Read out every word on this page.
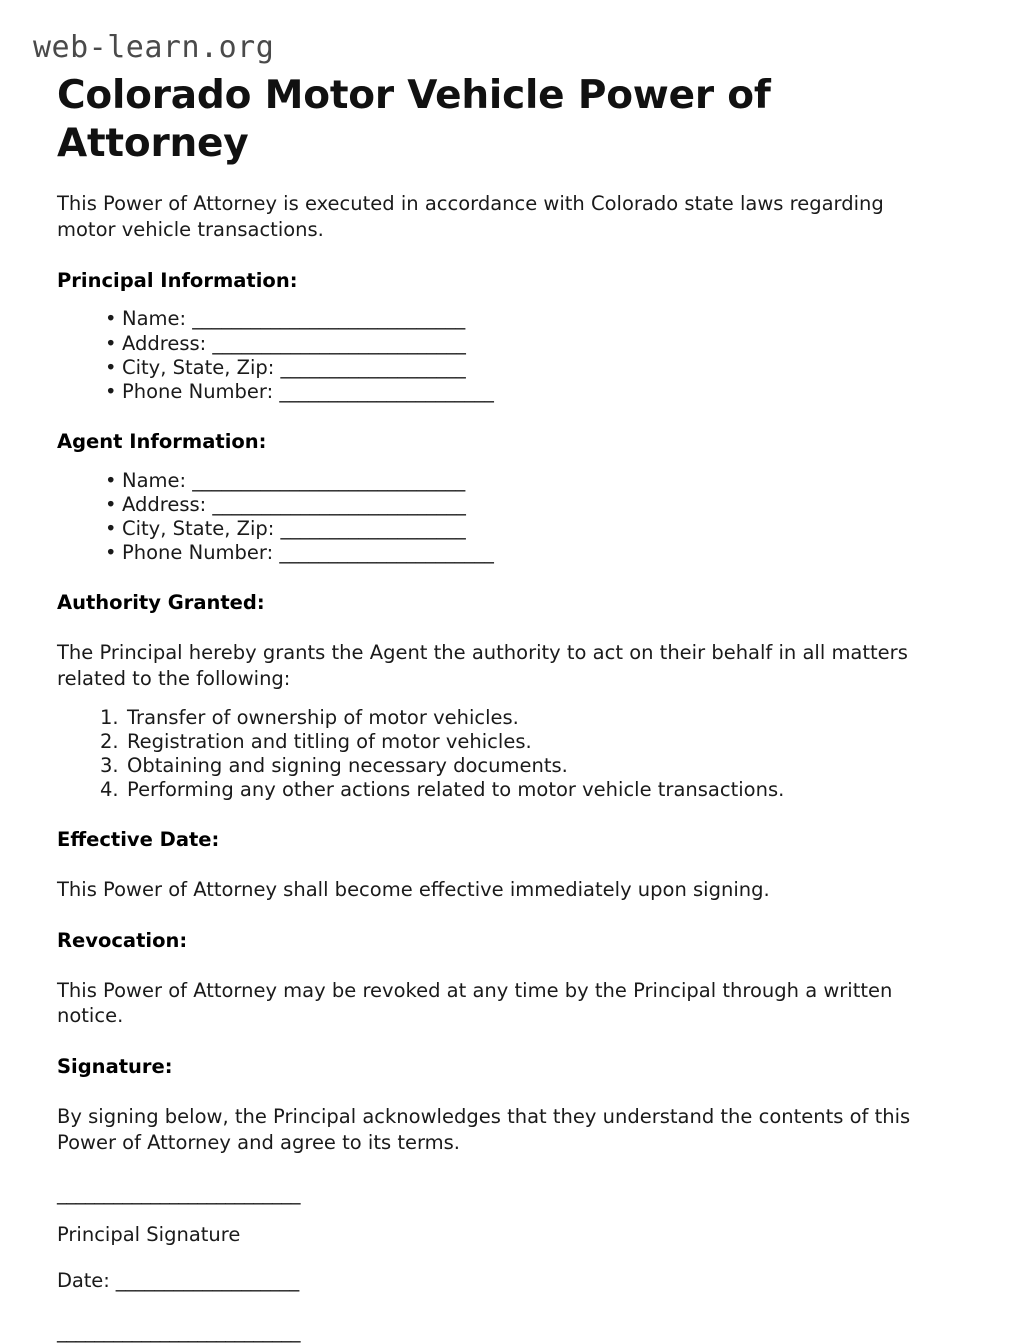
web-learn.org
Colorado Motor Vehicle Power of Attorney

This Power of Attorney is executed in accordance with Colorado state laws regarding motor vehicle transactions.

Principal Information:
• Name: ____________________________
• Address: __________________________
• City, State, Zip: ___________________
• Phone Number: ______________________
Agent Information:
• Name: ____________________________
• Address: __________________________
• City, State, Zip: ___________________
• Phone Number: ______________________
Authority Granted:

The Principal hereby grants the Agent the authority to act on their behalf in all matters related to the following:

Transfer of ownership of motor vehicles.
Registration and titling of motor vehicles.
Obtaining and signing necessary documents.
Performing any other actions related to motor vehicle transactions.
Effective Date:

This Power of Attorney shall become effective immediately upon signing.

Revocation:

This Power of Attorney may be revoked at any time by the Principal through a written notice.

Signature:

By signing below, the Principal acknowledges that they understand the contents of this Power of Attorney and agree to its terms.

__________________________

Principal Signature

Date: ___________________

__________________________
